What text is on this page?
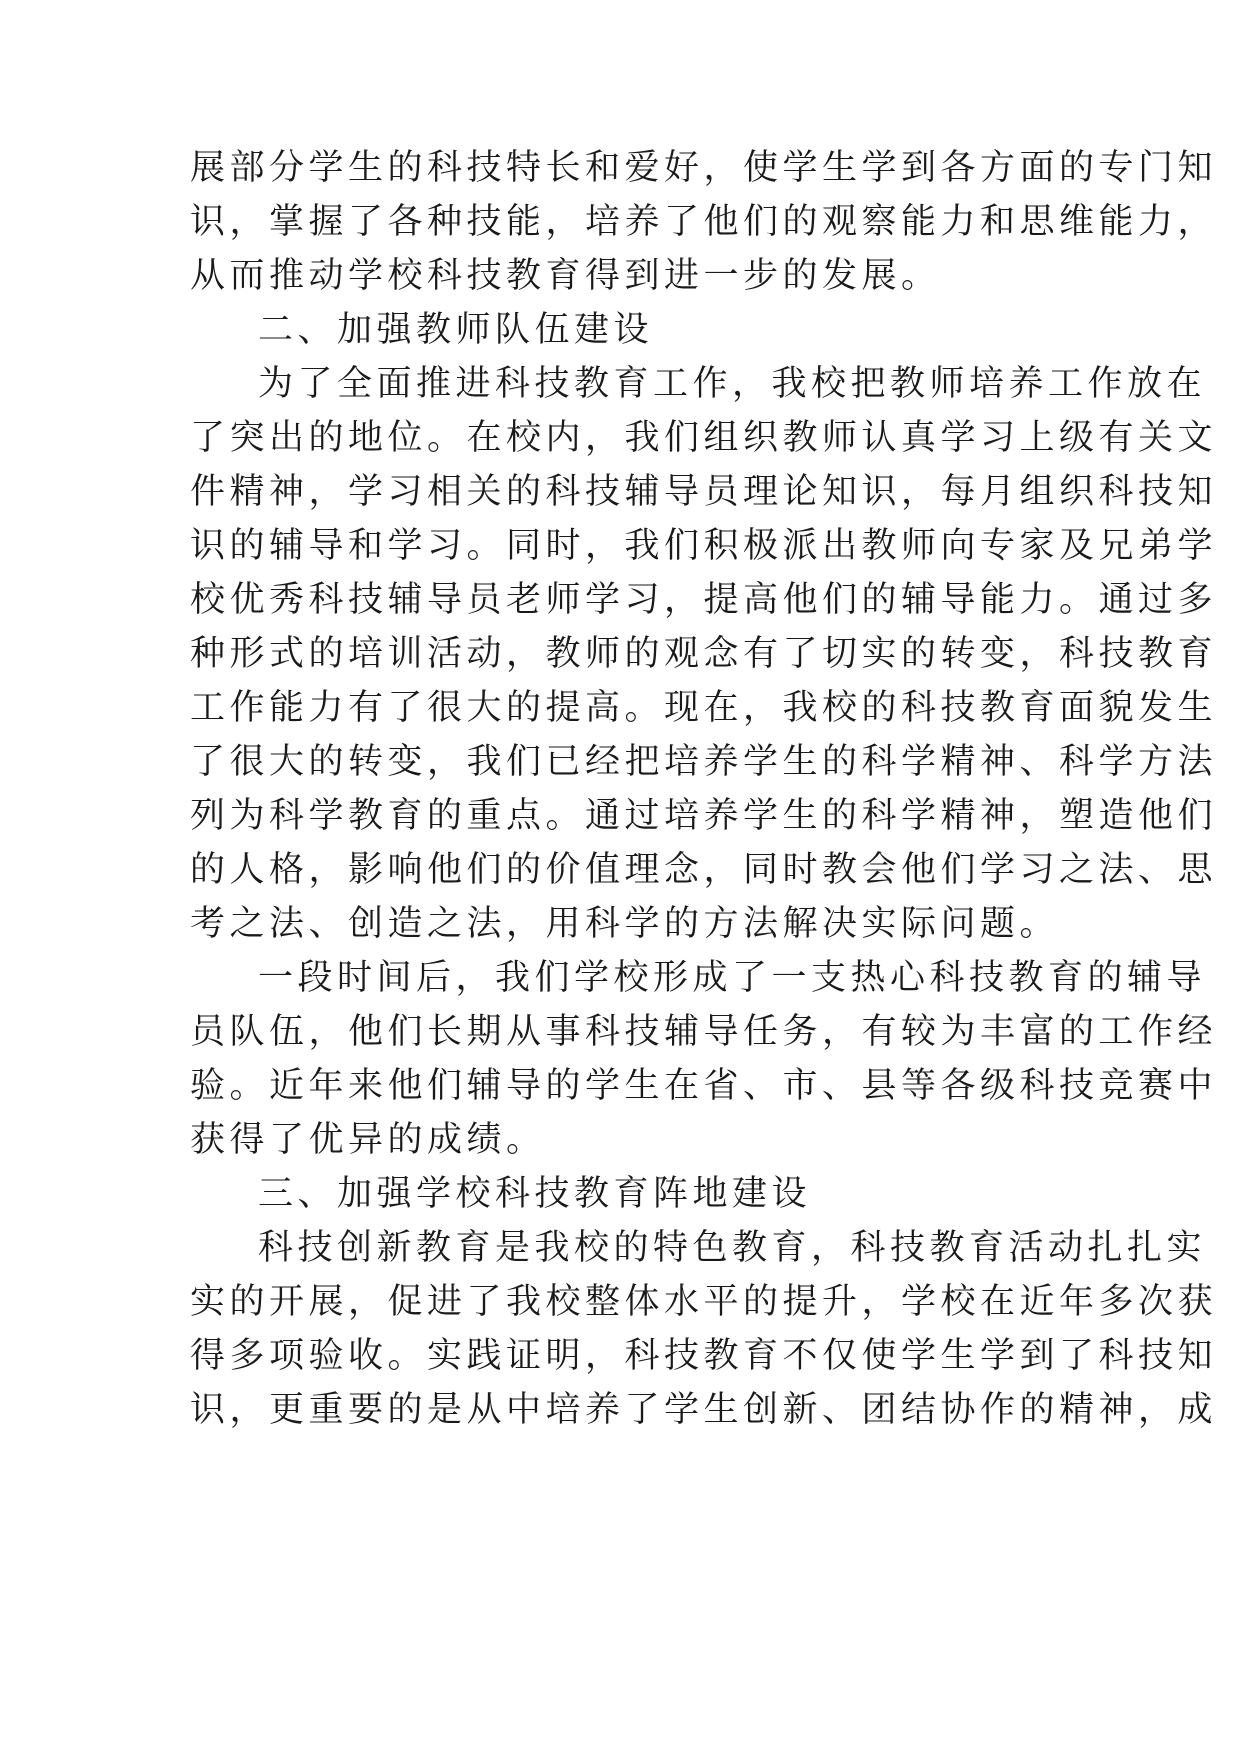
展部分学生的科技特长和爱好，使学生学到各方面的专门知
识，掌握了各种技能，培养了他们的观察能力和思维能力，
从而推动学校科技教育得到进一步的发展。
二、加强教师队伍建设
为了全面推进科技教育工作，我校把教师培养工作放在
了突出的地位。在校内，我们组织教师认真学习上级有关文
件精神，学习相关的科技辅导员理论知识，每月组织科技知
识的辅导和学习。同时，我们积极派出教师向专家及兄弟学
校优秀科技辅导员老师学习，提高他们的辅导能力。通过多
种形式的培训活动，教师的观念有了切实的转变，科技教育
工作能力有了很大的提高。现在，我校的科技教育面貌发生
了很大的转变，我们已经把培养学生的科学精神、科学方法
列为科学教育的重点。通过培养学生的科学精神，塑造他们
的人格，影响他们的价值理念，同时教会他们学习之法、思
考之法、创造之法，用科学的方法解决实际问题。
一段时间后，我们学校形成了一支热心科技教育的辅导
员队伍，他们长期从事科技辅导任务，有较为丰富的工作经
验。近年来他们辅导的学生在省、市、县等各级科技竞赛中
获得了优异的成绩。
三、加强学校科技教育阵地建设
科技创新教育是我校的特色教育，科技教育活动扎扎实
实的开展，促进了我校整体水平的提升，学校在近年多次获
得多项验收。实践证明，科技教育不仅使学生学到了科技知
识，更重要的是从中培养了学生创新、团结协作的精神，成
